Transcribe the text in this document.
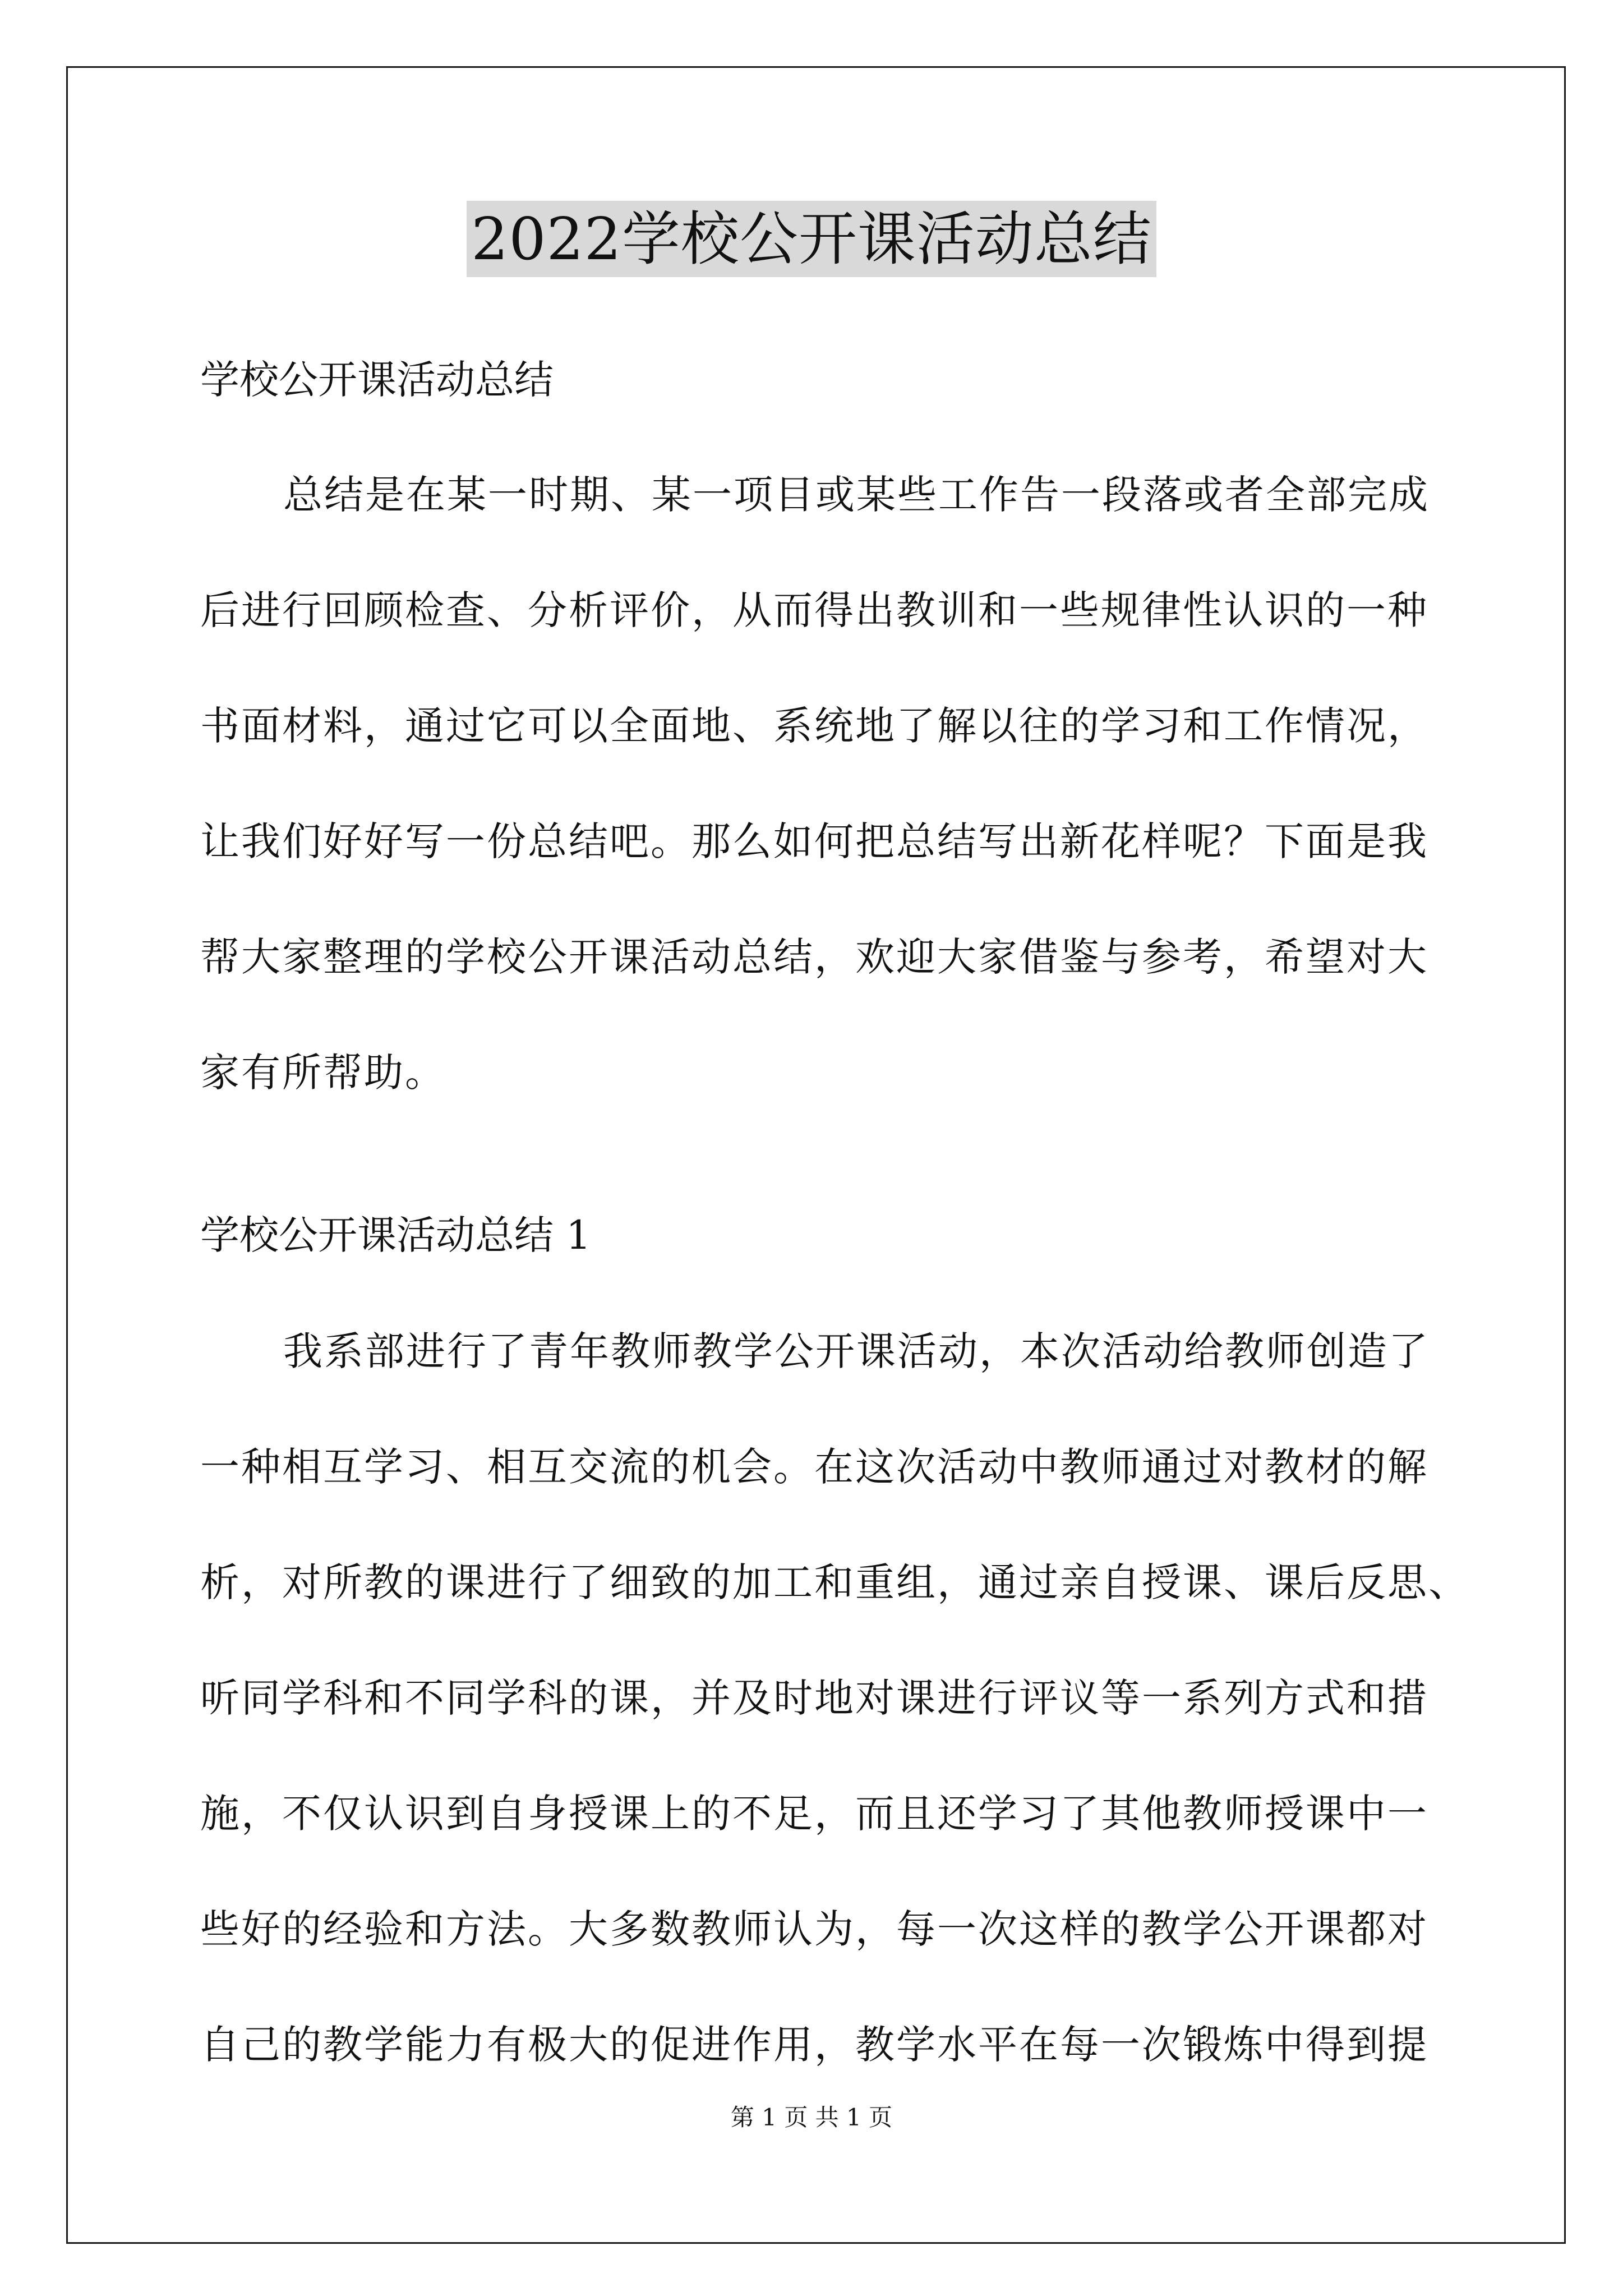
2022学校公开课活动总结
学校公开课活动总结
总结是在某一时期、某一项目或某些工作告一段落或者全部完成
后进行回顾检查、分析评价，从而得出教训和一些规律性认识的一种
书面材料，通过它可以全面地、系统地了解以往的学习和工作情况，
让我们好好写一份总结吧。那么如何把总结写出新花样呢？下面是我
帮大家整理的学校公开课活动总结，欢迎大家借鉴与参考，希望对大
家有所帮助。
学校公开课活动总结 1
我系部进行了青年教师教学公开课活动，本次活动给教师创造了
一种相互学习、相互交流的机会。在这次活动中教师通过对教材的解
析，对所教的课进行了细致的加工和重组，通过亲自授课、课后反思、
听同学科和不同学科的课，并及时地对课进行评议等一系列方式和措
施，不仅认识到自身授课上的不足，而且还学习了其他教师授课中一
些好的经验和方法。大多数教师认为，每一次这样的教学公开课都对
自己的教学能力有极大的促进作用，教学水平在每一次锻炼中得到提
第 1 页 共 1 页
